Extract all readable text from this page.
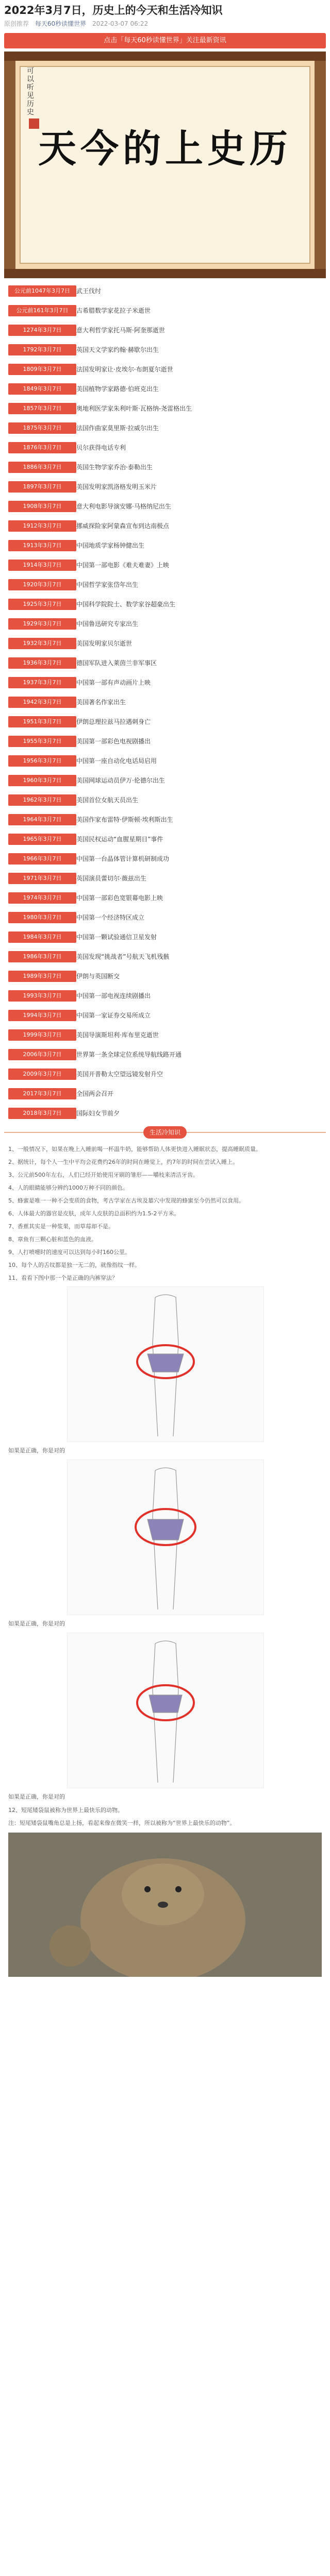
2022年3月7日，历史上的今天和生活冷知识
原创推荐 每天60秒读懂世界 2022-03-07 06:22
点击「每天60秒读懂世界」关注最新资讯
可以听见历史
天今的上史历
公元前1047年3月7日	武王伐纣
公元前161年3月7日	古希腊数学家花拉子米逝世
1274年3月7日	意大利哲学家托马斯·阿奎那逝世
1792年3月7日	英国天文学家约翰·赫歇尔出生
1809年3月7日	法国发明家让·皮埃尔·布朗夏尔逝世
1849年3月7日	美国植物学家路德·伯班克出生
1857年3月7日	奥地利医学家朱利叶斯·瓦格纳-尧雷格出生
1875年3月7日	法国作曲家莫里斯·拉威尔出生
1876年3月7日	贝尔获得电话专利
1886年3月7日	英国生物学家乔治·泰勒出生
1897年3月7日	美国发明家凯洛格发明玉米片
1908年3月7日	意大利电影导演安娜·马格纳尼出生
1912年3月7日	挪威探险家阿蒙森宣布到达南极点
1913年3月7日	中国地质学家杨钟健出生
1914年3月7日	中国第一部电影《难夫难妻》上映
1920年3月7日	中国哲学家张岱年出生
1925年3月7日	中国科学院院士、数学家谷超豪出生
1929年3月7日	中国鲁迅研究专家出生
1932年3月7日	美国发明家贝尔逝世
1936年3月7日	德国军队进入莱茵兰非军事区
1937年3月7日	中国第一部有声动画片上映
1942年3月7日	美国著名作家出生
1951年3月7日	伊朗总理拉兹马拉遇刺身亡
1955年3月7日	美国第一部彩色电视剧播出
1956年3月7日	中国第一座自动化电话局启用
1960年3月7日	美国网球运动员伊万·伦德尔出生
1962年3月7日	美国首位女航天员出生
1964年3月7日	美国作家布雷特·伊斯顿·埃利斯出生
1965年3月7日	美国民权运动“血腥星期日”事件
1966年3月7日	中国第一台晶体管计算机研制成功
1971年3月7日	英国演员蕾切尔·薇兹出生
1974年3月7日	中国第一部彩色宽银幕电影上映
1980年3月7日	中国第一个经济特区成立
1984年3月7日	中国第一颗试验通信卫星发射
1986年3月7日	美国发现“挑战者”号航天飞机残骸
1989年3月7日	伊朗与英国断交
1993年3月7日	中国第一部电视连续剧播出
1994年3月7日	中国第一家证券交易所成立
1999年3月7日	美国导演斯坦利·库布里克逝世
2006年3月7日	世界第一条全球定位系统导航线路开通
2009年3月7日	美国开普勒太空望远镜发射升空
2017年3月7日	全国两会召开
2018年3月7日	国际妇女节前夕
生活冷知识

1、一般情况下，如果在晚上入睡前喝一杯温牛奶，能够帮助人体更快进入睡眠状态，提高睡眠质量。

2、据统计，每个人一生中平均会花费约26年的时间在睡觉上，约7年的时间在尝试入睡上。

3、公元前500年左右，人们已经开始使用牙刷的雏形——嚼枝来清洁牙齿。

4、人的眼睛能够分辨约1000万种不同的颜色。

5、蜂蜜是唯一一种不会变质的食物，考古学家在古埃及墓穴中发现的蜂蜜至今仍然可以食用。

6、人体最大的器官是皮肤，成年人皮肤的总面积约为1.5-2平方米。

7、香蕉其实是一种浆果，而草莓却不是。

8、章鱼有三颗心脏和蓝色的血液。

9、人打喷嚏时的速度可以达到每小时160公里。

10、每个人的舌纹都是独一无二的，就像指纹一样。

11、看看下图中那一个是正确的内裤穿法？

如果是正确，你是对的
如果是正确，你是对的
如果是正确，你是对的

12、短尾矮袋鼠被称为世界上最快乐的动物。

注：短尾矮袋鼠嘴角总是上扬，看起来像在微笑一样，所以被称为“世界上最快乐的动物”。
